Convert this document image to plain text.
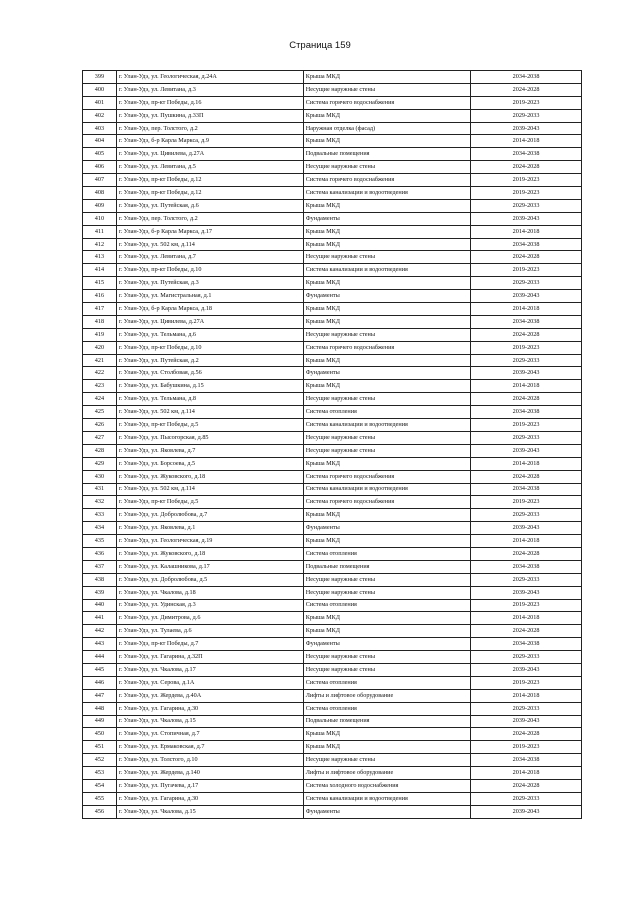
Страница 159
399	г. Улан-Удэ, ул. Геологическая, д.24А	Крыша МКД	2034-2038
400	г. Улан-Удэ, ул. Левитана, д.3	Несущие наружные стены	2024-2028
401	г. Улан-Удэ, пр-кт Победы, д.16	Система горячего водоснабжения	2019-2023
402	г. Улан-Удэ, ул. Пушкина, д.33П	Крыша МКД	2029-2033
403	г. Улан-Удэ, пер. Толстого, д.2	Наружная отделка (фасад)	2039-2043
404	г. Улан-Удэ, б-р Карла Маркса, д.9	Крыша МКД	2014-2018
405	г. Улан-Удэ, ул. Цивилева, д.27А	Подвальные помещения	2034-2038
406	г. Улан-Удэ, ул. Левитана, д.5	Несущие наружные стены	2024-2028
407	г. Улан-Удэ, пр-кт Победы, д.12	Система горячего водоснабжения	2019-2023
408	г. Улан-Удэ, пр-кт Победы, д.12	Система канализации и водоотведения	2019-2023
409	г. Улан-Удэ, ул. Путейская, д.6	Крыша МКД	2029-2033
410	г. Улан-Удэ, пер. Толстого, д.2	Фундаменты	2039-2043
411	г. Улан-Удэ, б-р Карла Маркса, д.17	Крыша МКД	2014-2018
412	г. Улан-Удэ, ул. 502 км, д.114	Крыша МКД	2034-2038
413	г. Улан-Удэ, ул. Левитана, д.7	Несущие наружные стены	2024-2028
414	г. Улан-Удэ, пр-кт Победы, д.10	Система канализации и водоотведения	2019-2023
415	г. Улан-Удэ, ул. Путейская, д.3	Крыша МКД	2029-2033
416	г. Улан-Удэ, ул. Магистральная, д.1	Фундаменты	2039-2043
417	г. Улан-Удэ, б-р Карла Маркса, д.18	Крыша МКД	2014-2018
418	г. Улан-Удэ, ул. Цивилева, д.27А	Крыша МКД	2034-2038
419	г. Улан-Удэ, ул. Тельмана, д.6	Несущие наружные стены	2024-2028
420	г. Улан-Удэ, пр-кт Победы, д.10	Система горячего водоснабжения	2019-2023
421	г. Улан-Удэ, ул. Путейская, д.2	Крыша МКД	2029-2033
422	г. Улан-Удэ, ул. Столбовая, д.56	Фундаменты	2039-2043
423	г. Улан-Удэ, ул. Бабушкина, д.15	Крыша МКД	2014-2018
424	г. Улан-Удэ, ул. Тельмана, д.8	Несущие наружные стены	2024-2028
425	г. Улан-Удэ, ул. 502 км, д.114	Система отопления	2034-2038
426	г. Улан-Удэ, пр-кт Победы, д.5	Система канализации и водоотведения	2019-2023
427	г. Улан-Удэ, ул. Пысогорская, д.85	Несущие наружные стены	2029-2033
428	г. Улан-Удэ, ул. Яковлева, д.7	Несущие наружные стены	2039-2043
429	г. Улан-Удэ, ул. Борсоева, д.5	Крыша МКД	2014-2018
430	г. Улан-Удэ, ул. Жуковского, д.18	Система горячего водоснабжения	2024-2028
431	г. Улан-Удэ, ул. 502 км, д.114	Система канализации и водоотведения	2034-2038
432	г. Улан-Удэ, пр-кт Победы, д.5	Система горячего водоснабжения	2019-2023
433	г. Улан-Удэ, ул. Добролюбова, д.7	Крыша МКД	2029-2033
434	г. Улан-Удэ, ул. Яковлева, д.1	Фундаменты	2039-2043
435	г. Улан-Удэ, ул. Геологическая, д.19	Крыша МКД	2014-2018
436	г. Улан-Удэ, ул. Жуковского, д.18	Система отопления	2024-2028
437	г. Улан-Удэ, ул. Калашникова, д.17	Подвальные помещения	2034-2038
438	г. Улан-Удэ, ул. Добролюбова, д.5	Несущие наружные стены	2029-2033
439	г. Улан-Удэ, ул. Чкалова, д.18	Несущие наружные стены	2039-2043
440	г. Улан-Удэ, ул. Удинская, д.3	Система отопления	2019-2023
441	г. Улан-Удэ, ул. Димитрова, д.6	Крыша МКД	2014-2018
442	г. Улан-Удэ, ул. Тулаева, д.6	Крыша МКД	2024-2028
443	г. Улан-Удэ, пр-кт Победы, д.7	Фундаменты	2034-2038
444	г. Улан-Удэ, ул. Гагарина, д.32П	Несущие наружные стены	2029-2033
445	г. Улан-Удэ, ул. Чкалова, д.17	Несущие наружные стены	2039-2043
446	г. Улан-Удэ, ул. Серова, д.1А	Система отопления	2019-2023
447	г. Улан-Удэ, ул. Жердева, д.40А	Лифты и лифтовое оборудование	2014-2018
448	г. Улан-Удэ, ул. Гагарина, д.30	Система отопления	2029-2033
449	г. Улан-Удэ, ул. Чкалова, д.15	Подвальные помещения	2039-2043
450	г. Улан-Удэ, ул. Стопичная, д.7	Крыша МКД	2024-2028
451	г. Улан-Удэ, ул. Ермаковская, д.7	Крыша МКД	2019-2023
452	г. Улан-Удэ, ул. Толстого, д.10	Несущие наружные стены	2034-2038
453	г. Улан-Удэ, ул. Жердева, д.140	Лифты и лифтовое оборудование	2014-2018
454	г. Улан-Удэ, ул. Пугачева, д.17	Система холодного водоснабжения	2024-2028
455	г. Улан-Удэ, ул. Гагарина, д.30	Система канализации и водоотведения	2029-2033
456	г. Улан-Удэ, ул. Чкалова, д.15	Фундаменты	2039-2043
